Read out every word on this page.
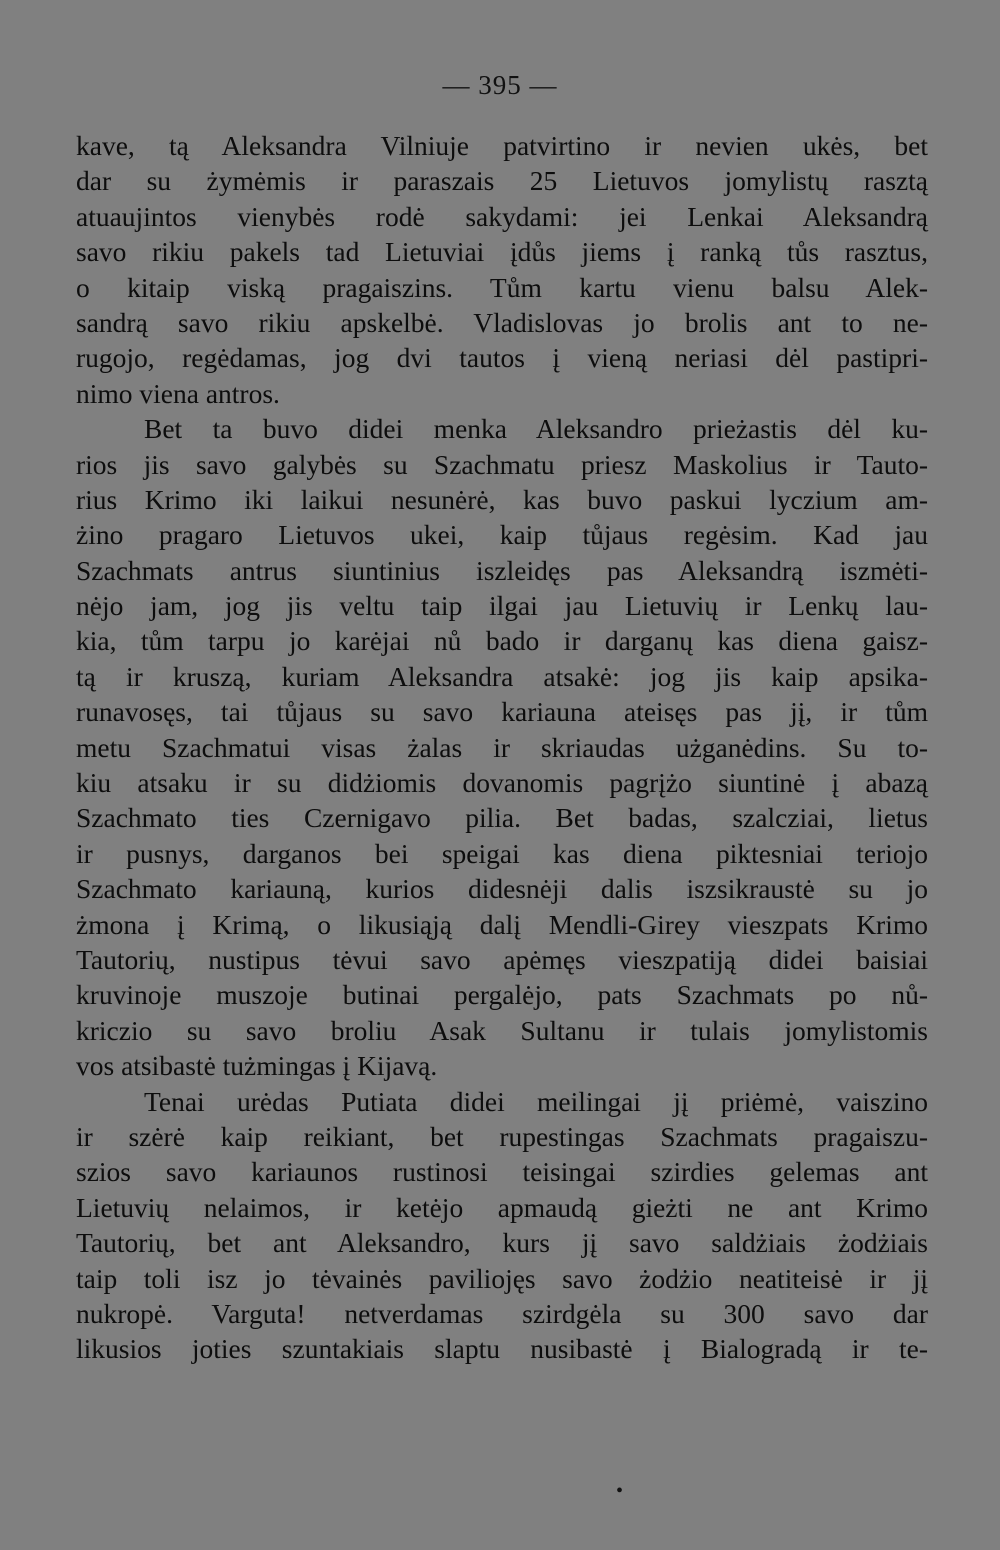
— 395 —
kave, tą Aleksandra Vilniuje patvirtino ir nevien ukės, bet
dar su żymėmis ir paraszais 25 Lietuvos jomylistų rasztą
atuaujintos vienybės rodė sakydami: jei Lenkai Aleksandrą
savo rikiu pakels tad Lietuviai įdůs jiems į ranką tůs rasztus,
o kitaip viską pragaiszins. Tům kartu vienu balsu Alek-
sandrą savo rikiu apskelbė. Vladislovas jo brolis ant to ne-
rugojo, regėdamas, jog dvi tautos į vieną neriasi dėl pastipri-
nimo viena antros.
Bet ta buvo didei menka Aleksandro prieżastis dėl ku-
rios jis savo galybės su Szachmatu priesz Maskolius ir Tauto-
rius Krimo iki laikui nesunėrė, kas buvo paskui lyczium am-
żino pragaro Lietuvos ukei, kaip tůjaus regėsim. Kad jau
Szachmats antrus siuntinius iszleidęs pas Aleksandrą iszmėti-
nėjo jam, jog jis veltu taip ilgai jau Lietuvių ir Lenkų lau-
kia, tům tarpu jo karėjai nů bado ir darganų kas diena gaisz-
tą ir kruszą, kuriam Aleksandra atsakė: jog jis kaip apsika-
runavosęs, tai tůjaus su savo kariauna ateisęs pas jį, ir tům
metu Szachmatui visas żalas ir skriaudas użganėdins. Su to-
kiu atsaku ir su didżiomis dovanomis pagrįżo siuntinė į abazą
Szachmato ties Czernigavo pilia. Bet badas, szalcziai, lietus
ir pusnys, darganos bei speigai kas diena piktesniai teriojo
Szachmato kariauną, kurios didesnėji dalis iszsikraustė su jo
żmona į Krimą, o likusiąją dalį Mendli-Girey vieszpats Krimo
Tautorių, nustipus tėvui savo apėmęs vieszpatiją didei baisiai
kruvinoje muszoje butinai pergalėjo, pats Szachmats po nů-
kriczio su savo broliu Asak Sultanu ir tulais jomylistomis
vos atsibastė tużmingas į Kijavą.
Tenai urėdas Putiata didei meilingai jį priėmė, vaiszino
ir szėrė kaip reikiant, bet rupestingas Szachmats pragaiszu-
szios savo kariaunos rustinosi teisingai szirdies gelemas ant
Lietuvių nelaimos, ir ketėjo apmaudą gieżti ne ant Krimo
Tautorių, bet ant Aleksandro, kurs jį savo saldżiais żodżiais
taip toli isz jo tėvainės paviliojęs savo żodżio neatiteisė ir jį
nukropė. Varguta! netverdamas szirdgėla su 300 savo dar
likusios joties szuntakiais slaptu nusibastė į Bialogradą ir te-
•
